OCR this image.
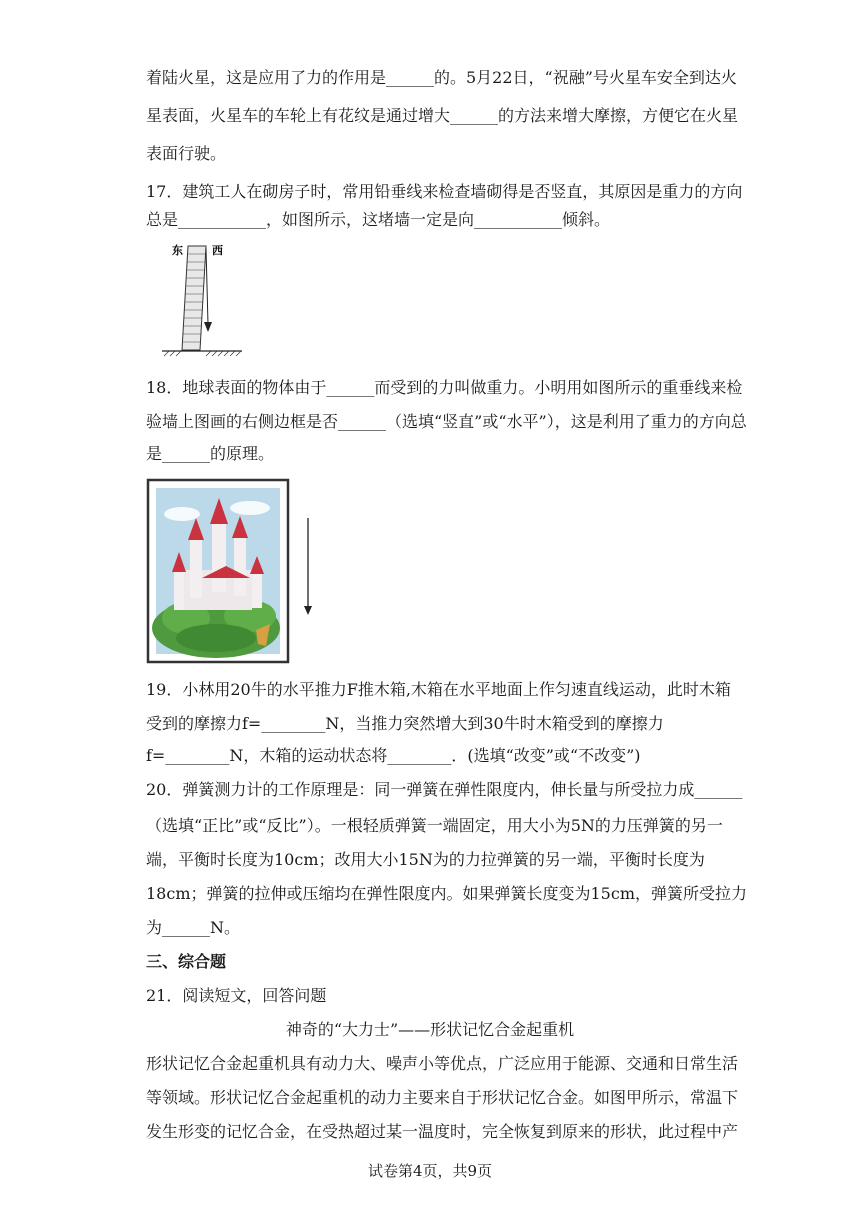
着陆火星，这是应用了力的作用是______的。5月22日，“祝融”号火星车安全到达火
星表面，火星车的车轮上有花纹是通过增大______的方法来增大摩擦，方便它在火星
表面行驶。
17．建筑工人在砌房子时，常用铅垂线来检查墙砌得是否竖直，其原因是重力的方向
总是___________，如图所示，这堵墙一定是向___________倾斜。
东	西
18．地球表面的物体由于______而受到的力叫做重力。小明用如图所示的重垂线来检
验墙上图画的右侧边框是否______（选填“竖直”或“水平”），这是利用了重力的方向总
是______的原理。
19．小林用20牛的水平推力F推木箱,木箱在水平地面上作匀速直线运动，此时木箱
受到的摩擦力f=________N，当推力突然增大到30牛时木箱受到的摩擦力
f=________N，木箱的运动状态将________．(选填“改变”或“不改变”)
20．弹簧测力计的工作原理是：同一弹簧在弹性限度内，伸长量与所受拉力成______
（选填“正比”或“反比”）。一根轻质弹簧一端固定，用大小为5N的力压弹簧的另一
端，平衡时长度为10cm；改用大小15N为的力拉弹簧的另一端，平衡时长度为
18cm；弹簧的拉伸或压缩均在弹性限度内。如果弹簧长度变为15cm，弹簧所受拉力
为______N。
三、综合题
21．阅读短文，回答问题
神奇的“大力士”——形状记忆合金起重机
形状记忆合金起重机具有动力大、噪声小等优点，广泛应用于能源、交通和日常生活
等领域。形状记忆合金起重机的动力主要来自于形状记忆合金。如图甲所示，常温下
发生形变的记忆合金，在受热超过某一温度时，完全恢复到原来的形状，此过程中产
试卷第4页，共9页
